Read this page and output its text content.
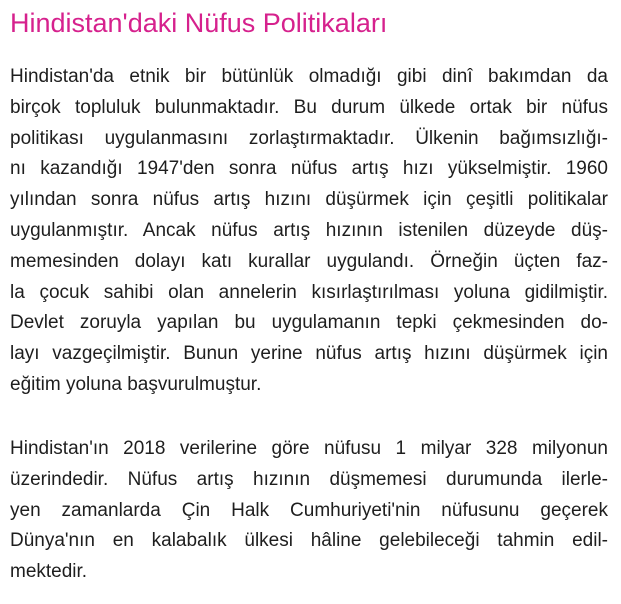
Hindistan'daki Nüfus Politikaları
Hindistan'da etnik bir bütünlük olmadığı gibi dinî bakımdan da
birçok topluluk bulunmaktadır. Bu durum ülkede ortak bir nüfus
politikası uygulanmasını zorlaştırmaktadır. Ülkenin bağımsızlığı-
nı kazandığı 1947'den sonra nüfus artış hızı yükselmiştir. 1960
yılından sonra nüfus artış hızını düşürmek için çeşitli politikalar
uygulanmıştır. Ancak nüfus artış hızının istenilen düzeyde düş-
memesinden dolayı katı kurallar uygulandı. Örneğin üçten faz-
la çocuk sahibi olan annelerin kısırlaştırılması yoluna gidilmiştir.
Devlet zoruyla yapılan bu uygulamanın tepki çekmesinden do-
layı vazgeçilmiştir. Bunun yerine nüfus artış hızını düşürmek için
eğitim yoluna başvurulmuştur.
Hindistan'ın 2018 verilerine göre nüfusu 1 milyar 328 milyonun
üzerindedir. Nüfus artış hızının düşmemesi durumunda ilerle-
yen zamanlarda Çin Halk Cumhuriyeti'nin nüfusunu geçerek
Dünya'nın en kalabalık ülkesi hâline gelebileceği tahmin edil-
mektedir.
